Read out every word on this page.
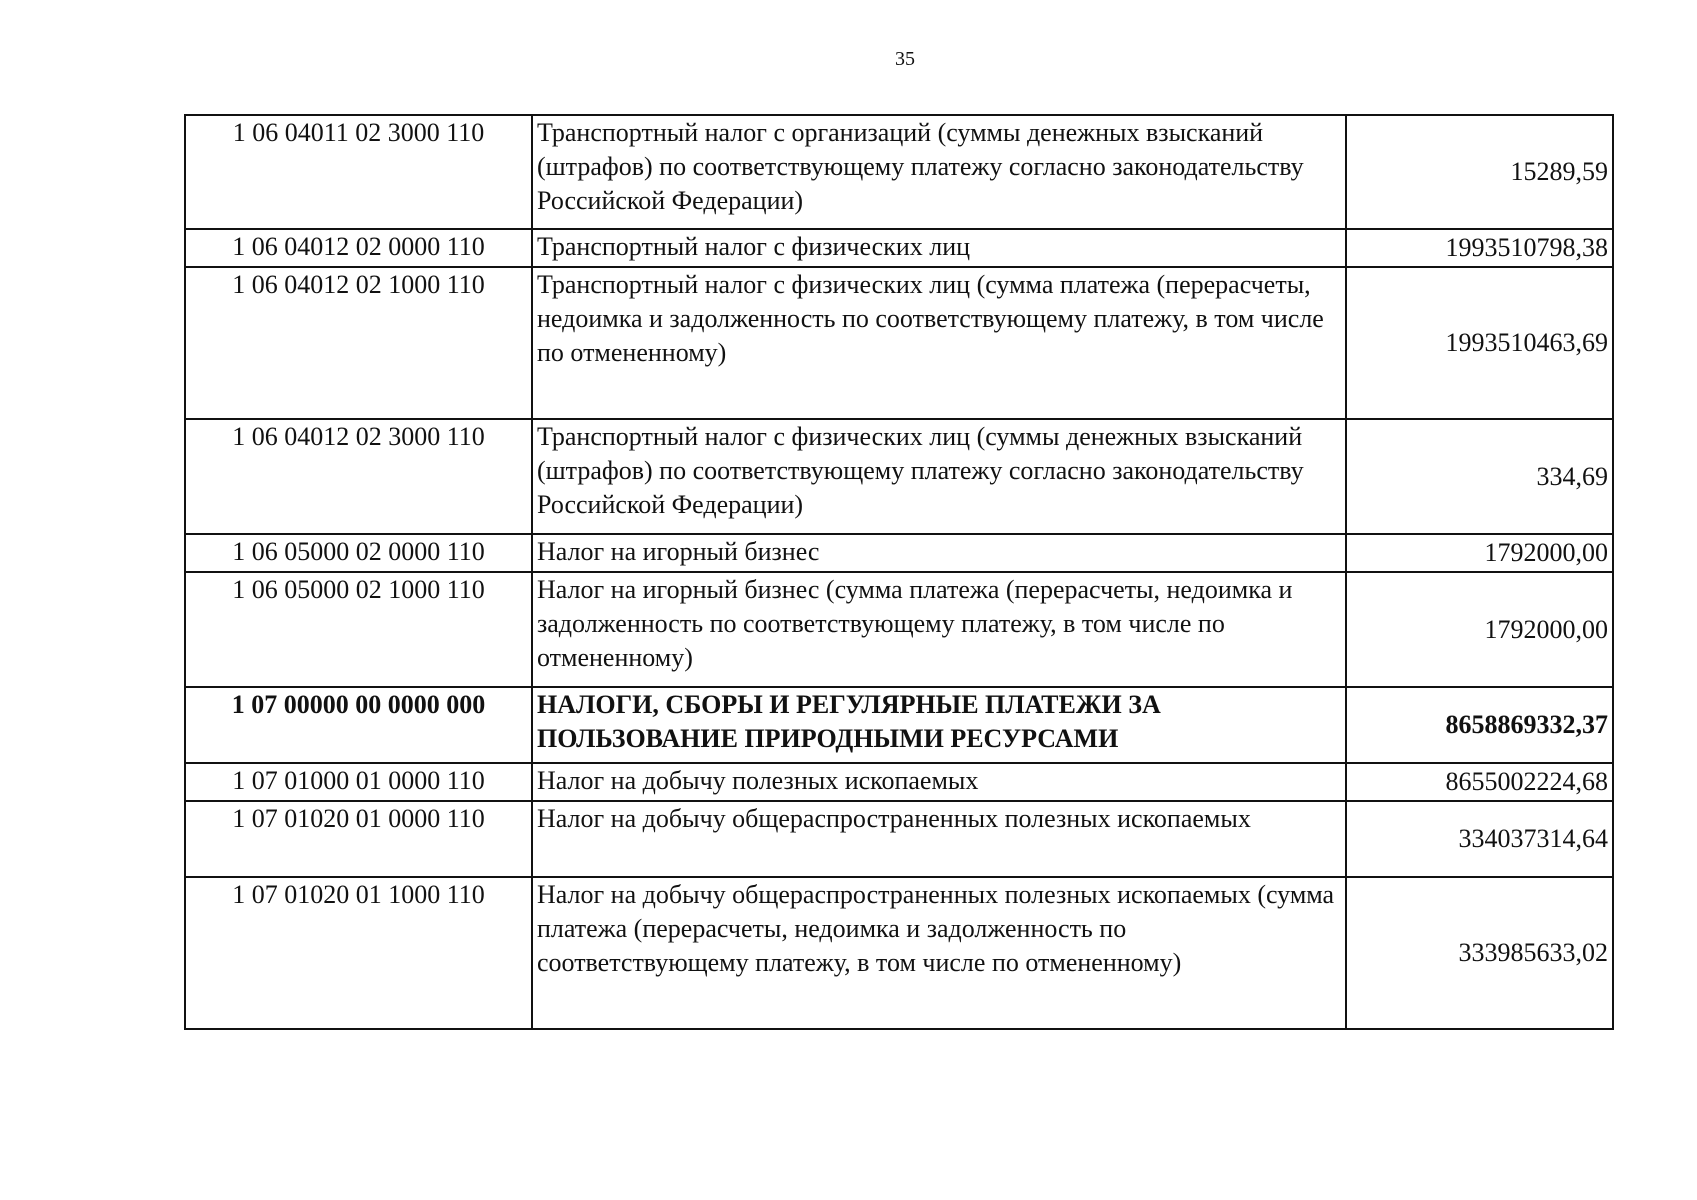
35
1 06 04011 02 3000 110	Транспортный налог с организаций (суммы денежных взысканий (штрафов) по соответствующему платежу согласно законодательству Российской Федерации)	15289,59
1 06 04012 02 0000 110	Транспортный налог с физических лиц	1993510798,38
1 06 04012 02 1000 110	Транспортный налог с физических лиц (сумма платежа (перерасчеты, недоимка и задолженность по соответствующему платежу, в том числе по отмененному)	1993510463,69
1 06 04012 02 3000 110	Транспортный налог с физических лиц (суммы денежных взысканий (штрафов) по соответствующему платежу согласно законодательству Российской Федерации)	334,69
1 06 05000 02 0000 110	Налог на игорный бизнес	1792000,00
1 06 05000 02 1000 110	Налог на игорный бизнес (сумма платежа (перерасчеты, недоимка и задолженность по соответствующему платежу, в том числе по отмененному)	1792000,00
1 07 00000 00 0000 000	НАЛОГИ, СБОРЫ И РЕГУЛЯРНЫЕ ПЛАТЕЖИ ЗА ПОЛЬЗОВАНИЕ ПРИРОДНЫМИ РЕСУРСАМИ	8658869332,37
1 07 01000 01 0000 110	Налог на добычу полезных ископаемых	8655002224,68
1 07 01020 01 0000 110	Налог на добычу общераспространенных полезных ископаемых	334037314,64
1 07 01020 01 1000 110	Налог на добычу общераспространенных полезных ископаемых (сумма платежа (перерасчеты, недоимка и задолженность по соответствующему платежу, в том числе по отмененному)	333985633,02
